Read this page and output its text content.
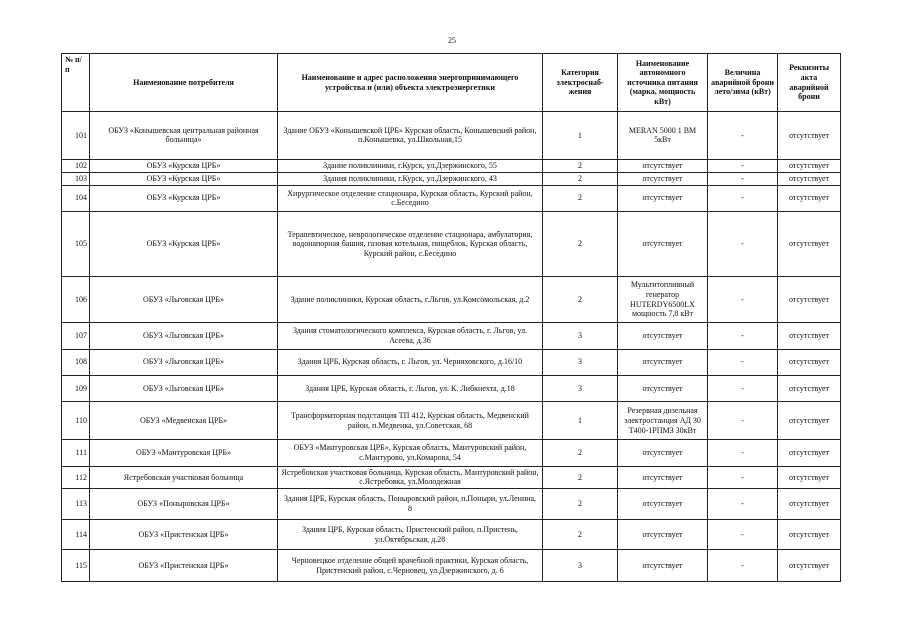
25
№ п/п	Наименование потребителя	Наименование и адрес расположения энергопринимающего устройства и (или) объекта электроэнергетики	Категория электроснаб-жения	Наименование автономного источника питания (марка, мощность кВт)	Величина аварийной брони лето/зима (кВт)	Реквизиты акта аварийной брони
101	ОБУЗ «Конышевская центральная районная больница»	Здание ОБУЗ «Конышевской ЦРБ» Курская область, Конышевский район, п.Конышевка, ул.Школьная,15	1	MERAN 5000 1 ВМ 5кВт	-	отсутствует
102	ОБУЗ «Курская ЦРБ»	Здание поликлиники, г.Курск, ул.Дзержинского, 55	2	отсутствует	-	отсутствует
103	ОБУЗ «Курская ЦРБ»	Здания поликлиники, г.Курск, ул.Дзержинского, 43	2	отсутствует	-	отсутствует
104	ОБУЗ «Курская ЦРБ»	Хирургическое отделение стационара, Курская область, Курский район, с.Беседино	2	отсутствует	-	отсутствует
105	ОБУЗ «Курская ЦРБ»	Терапевтическое, неврологическое отделение стационара, амбулатория, водонапорная башня, газовая котельная, пищеблок, Курская область, Курский район, с.Беседино	2	отсутствует	-	отсутствует
106	ОБУЗ «Льговская ЦРБ»	Здание поликлиники, Курская область, г.Льгов, ул.Комсомольская, д.2	2	Мультитопливный генератор HUTERDY6500LX мощность 7,8 кВт	-	отсутствует
107	ОБУЗ «Льговская ЦРБ»	Здания стоматологического комплекса, Курская область, г. Льгов, ул. Асеева, д.36	3	отсутствует	-	отсутствует
108	ОБУЗ «Льговская ЦРБ»	Здания ЦРБ, Курская область, г. Льгов, ул. Черняховского, д.16/10	3	отсутствует	-	отсутствует
109	ОБУЗ «Льговская ЦРБ»	Здания ЦРБ, Курская область, г. Льгов, ул. К. Либкнехта, д.18	3	отсутствует	-	отсутствует
110	ОБУЗ «Медвенская ЦРБ»	Трансформаторная подстанция ТП 412, Курская область, Медвенский район, п.Медвенка, ул.Советская, 68	1	Резервная дизельная электростанция АД 30 Т400-1РПМЗ 30кВт	-	отсутствует
111	ОБУЗ «Мантуровская ЦРБ»	ОБУЗ «Мантуровская ЦРБ», Курская область, Мантуровский район, с.Мантурово, ул.Комарова, 54	2	отсутствует	-	отсутствует
112	Ястребовская участковая больница	Ястребовская участковая больница, Курская область, Мантуровский район, с.Ястребовка, ул.Молодежная	2	отсутствует	-	отсутствует
113	ОБУЗ «Поныровская ЦРБ»	Здания ЦРБ, Курская область, Поныровский район, п.Поныри, ул.Ленина, 8	2	отсутствует	-	отсутствует
114	ОБУЗ «Пристенская ЦРБ»	Здания ЦРБ, Курская область, Пристенский район, п.Пристень, ул.Октябрьская, д.28	2	отсутствует	-	отсутствует
115	ОБУЗ «Пристенская ЦРБ»	Черновецкое отделение общей врачебной практики, Курская область, Пристенский район, с.Черновец, ул.Дзержинского, д. 6	3	отсутствует	-	отсутствует
